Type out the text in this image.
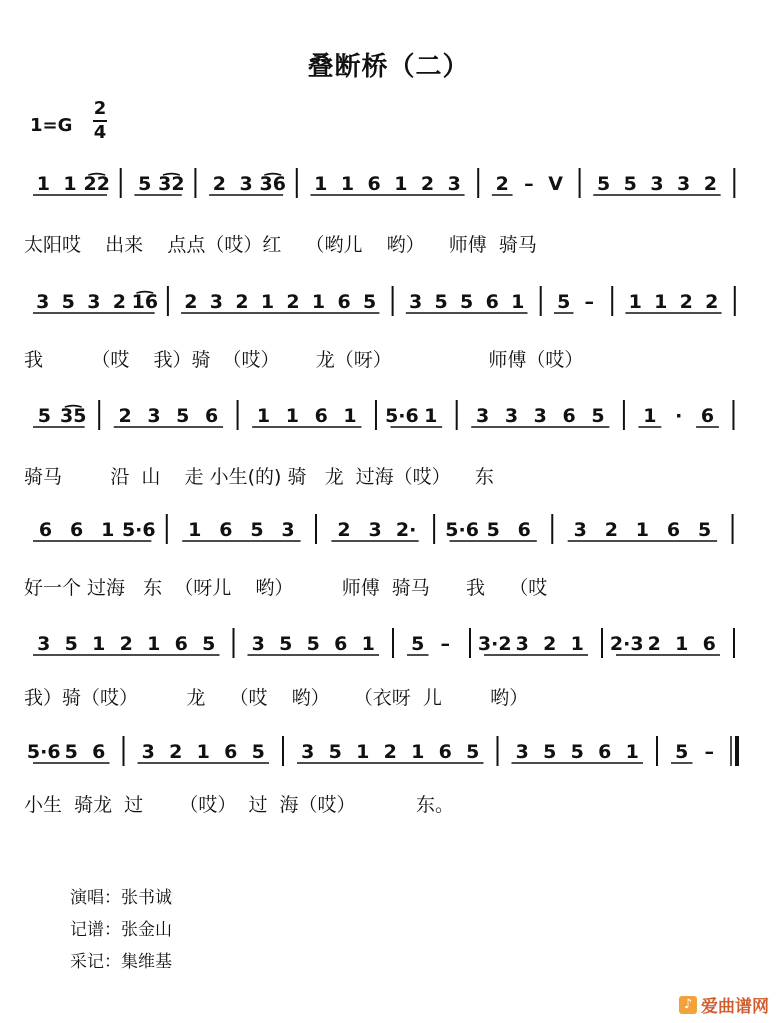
叠断桥（二）
1=G
2
4
1 1 2͡2 5 3͡2 2 3 3͡6 1 1 6 1 2 3 2 – V 5 5 3 3 2
3 5 3 2 1͡6 2 3 2 1 2 1 6 5 3 5 5 6 1 5 – 1 1 2 2
5 3͡5 2 3 5 6 1 1 6 1 5·6 1 3 3 3 6 5 1 · 6
6 6 1 5·6 1 6 5 3 2 3 2· 5·6 5 6 3 2 1 6 5
3 5 1 2 1 6 5 3 5 5 6 1 5 – 3·2 3 2 1 2·3 2 1 6
5·6 5 6 3 2 1 6 5 3 5 1 2 1 6 5 3 5 5 6 1 5 –
太阳哎    出来    点点（哎）红    （哟儿    哟）    师傅  骑马
我        （哎    我）骑  （哎）      龙（呀）                师傅（哎）
骑马        沿  山    走 小生(的) 骑   龙  过海（哎）    东
好一个 过海   东  （呀儿    哟）        师傅  骑马      我    （哎
我）骑（哎）        龙    （哎    哟）    （衣呀  儿        哟）
小生  骑龙  过      （哎）  过  海（哎）          东。
演唱：张书诚
记谱：张金山
采记：集维基
♪ 爱曲谱网
